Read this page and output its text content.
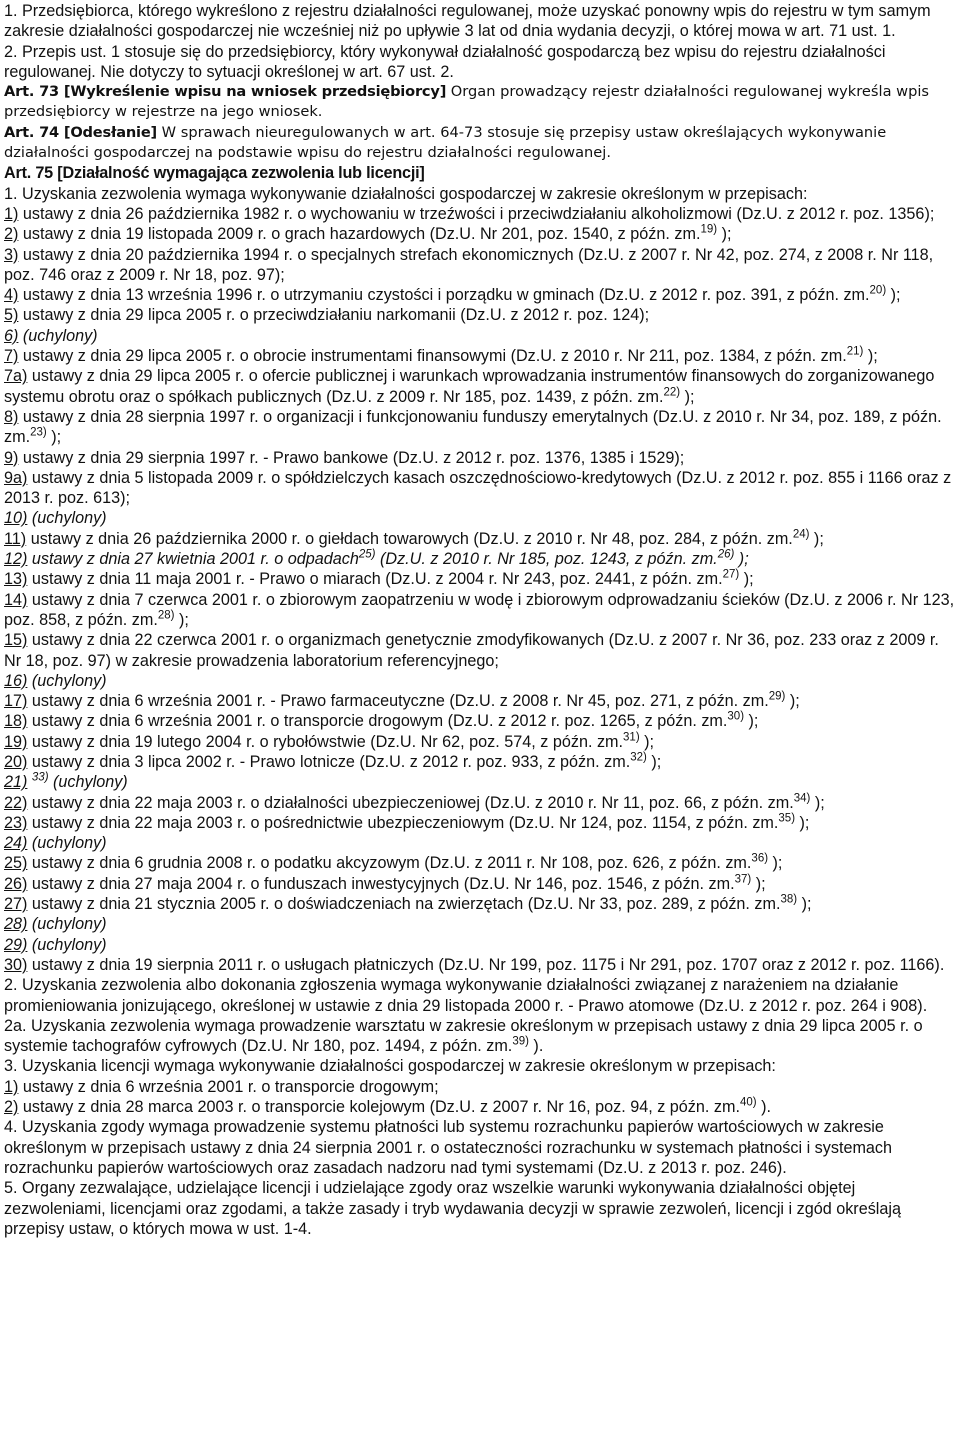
1. Przedsiębiorca, którego wykreślono z rejestru działalności regulowanej, może uzyskać ponowny wpis do rejestru w tym samym zakresie działalności gospodarczej nie wcześniej niż po upływie 3 lat od dnia wydania decyzji, o której mowa w art. 71 ust. 1.

2. Przepis ust. 1 stosuje się do przedsiębiorcy, który wykonywał działalność gospodarczą bez wpisu do rejestru działalności regulowanej. Nie dotyczy to sytuacji określonej w art. 67 ust. 2.

Art. 73 [Wykreślenie wpisu na wniosek przedsiębiorcy] Organ prowadzący rejestr działalności regulowanej wykreśla wpis przedsiębiorcy w rejestrze na jego wniosek.

Art. 74 [Odesłanie] W sprawach nieuregulowanych w art. 64-73 stosuje się przepisy ustaw określających wykonywanie działalności gospodarczej na podstawie wpisu do rejestru działalności regulowanej.

Art. 75 [Działalność wymagająca zezwolenia lub licencji]

1. Uzyskania zezwolenia wymaga wykonywanie działalności gospodarczej w zakresie określonym w przepisach:

1) ustawy z dnia 26 października 1982 r. o wychowaniu w trzeźwości i przeciwdziałaniu alkoholizmowi (Dz.U. z 2012 r. poz. 1356);

2) ustawy z dnia 19 listopada 2009 r. o grach hazardowych (Dz.U. Nr 201, poz. 1540, z późn. zm.$^{19)}$ );

3) ustawy z dnia 20 października 1994 r. o specjalnych strefach ekonomicznych (Dz.U. z 2007 r. Nr 42, poz. 274, z 2008 r. Nr 118, poz. 746 oraz z 2009 r. Nr 18, poz. 97);

4) ustawy z dnia 13 września 1996 r. o utrzymaniu czystości i porządku w gminach (Dz.U. z 2012 r. poz. 391, z późn. zm.$^{20)}$ );

5) ustawy z dnia 29 lipca 2005 r. o przeciwdziałaniu narkomanii (Dz.U. z 2012 r. poz. 124);

6) (uchylony)

7) ustawy z dnia 29 lipca 2005 r. o obrocie instrumentami finansowymi (Dz.U. z 2010 r. Nr 211, poz. 1384, z późn. zm.$^{21)}$ );

7a) ustawy z dnia 29 lipca 2005 r. o ofercie publicznej i warunkach wprowadzania instrumentów finansowych do zorganizowanego systemu obrotu oraz o spółkach publicznych (Dz.U. z 2009 r. Nr 185, poz. 1439, z późn. zm.$^{22)}$ );

8) ustawy z dnia 28 sierpnia 1997 r. o organizacji i funkcjonowaniu funduszy emerytalnych (Dz.U. z 2010 r. Nr 34, poz. 189, z późn. zm.$^{23)}$ );

9) ustawy z dnia 29 sierpnia 1997 r. - Prawo bankowe (Dz.U. z 2012 r. poz. 1376, 1385 i 1529);

9a) ustawy z dnia 5 listopada 2009 r. o spółdzielczych kasach oszczędnościowo-kredytowych (Dz.U. z 2012 r. poz. 855 i 1166 oraz z 2013 r. poz. 613);

10) (uchylony)

11) ustawy z dnia 26 października 2000 r. o giełdach towarowych (Dz.U. z 2010 r. Nr 48, poz. 284, z późn. zm.$^{24)}$ );

12) ustawy z dnia 27 kwietnia 2001 r. o odpadach$^{25)}$ (Dz.U. z 2010 r. Nr 185, poz. 1243, z późn. zm.$^{26)}$ );

13) ustawy z dnia 11 maja 2001 r. - Prawo o miarach (Dz.U. z 2004 r. Nr 243, poz. 2441, z późn. zm.$^{27)}$ );

14) ustawy z dnia 7 czerwca 2001 r. o zbiorowym zaopatrzeniu w wodę i zbiorowym odprowadzaniu ścieków (Dz.U. z 2006 r. Nr 123, poz. 858, z późn. zm.$^{28)}$ );

15) ustawy z dnia 22 czerwca 2001 r. o organizmach genetycznie zmodyfikowanych (Dz.U. z 2007 r. Nr 36, poz. 233 oraz z 2009 r. Nr 18, poz. 97) w zakresie prowadzenia laboratorium referencyjnego;

16) (uchylony)

17) ustawy z dnia 6 września 2001 r. - Prawo farmaceutyczne (Dz.U. z 2008 r. Nr 45, poz. 271, z późn. zm.$^{29)}$ );

18) ustawy z dnia 6 września 2001 r. o transporcie drogowym (Dz.U. z 2012 r. poz. 1265, z późn. zm.$^{30)}$ );

19) ustawy z dnia 19 lutego 2004 r. o rybołówstwie (Dz.U. Nr 62, poz. 574, z późn. zm.$^{31)}$ );

20) ustawy z dnia 3 lipca 2002 r. - Prawo lotnicze (Dz.U. z 2012 r. poz. 933, z późn. zm.$^{32)}$ );

21) $^{33)}$ (uchylony)

22) ustawy z dnia 22 maja 2003 r. o działalności ubezpieczeniowej (Dz.U. z 2010 r. Nr 11, poz. 66, z późn. zm.$^{34)}$ );

23) ustawy z dnia 22 maja 2003 r. o pośrednictwie ubezpieczeniowym (Dz.U. Nr 124, poz. 1154, z późn. zm.$^{35)}$ );

24) (uchylony)

25) ustawy z dnia 6 grudnia 2008 r. o podatku akcyzowym (Dz.U. z 2011 r. Nr 108, poz. 626, z późn. zm.$^{36)}$ );

26) ustawy z dnia 27 maja 2004 r. o funduszach inwestycyjnych (Dz.U. Nr 146, poz. 1546, z późn. zm.$^{37)}$ );

27) ustawy z dnia 21 stycznia 2005 r. o doświadczeniach na zwierzętach (Dz.U. Nr 33, poz. 289, z późn. zm.$^{38)}$ );

28) (uchylony)

29) (uchylony)

30) ustawy z dnia 19 sierpnia 2011 r. o usługach płatniczych (Dz.U. Nr 199, poz. 1175 i Nr 291, poz. 1707 oraz z 2012 r. poz. 1166).

2. Uzyskania zezwolenia albo dokonania zgłoszenia wymaga wykonywanie działalności związanej z narażeniem na działanie promieniowania jonizującego, określonej w ustawie z dnia 29 listopada 2000 r. - Prawo atomowe (Dz.U. z 2012 r. poz. 264 i 908).

2a. Uzyskania zezwolenia wymaga prowadzenie warsztatu w zakresie określonym w przepisach ustawy z dnia 29 lipca 2005 r. o systemie tachografów cyfrowych (Dz.U. Nr 180, poz. 1494, z późn. zm.$^{39)}$ ).

3. Uzyskania licencji wymaga wykonywanie działalności gospodarczej w zakresie określonym w przepisach:

1) ustawy z dnia 6 września 2001 r. o transporcie drogowym;

2) ustawy z dnia 28 marca 2003 r. o transporcie kolejowym (Dz.U. z 2007 r. Nr 16, poz. 94, z późn. zm.$^{40)}$ ).

4. Uzyskania zgody wymaga prowadzenie systemu płatności lub systemu rozrachunku papierów wartościowych w zakresie określonym w przepisach ustawy z dnia 24 sierpnia 2001 r. o ostateczności rozrachunku w systemach płatności i systemach rozrachunku papierów wartościowych oraz zasadach nadzoru nad tymi systemami (Dz.U. z 2013 r. poz. 246).

5. Organy zezwalające, udzielające licencji i udzielające zgody oraz wszelkie warunki wykonywania działalności objętej zezwoleniami, licencjami oraz zgodami, a także zasady i tryb wydawania decyzji w sprawie zezwoleń, licencji i zgód określają przepisy ustaw, o których mowa w ust. 1-4.
